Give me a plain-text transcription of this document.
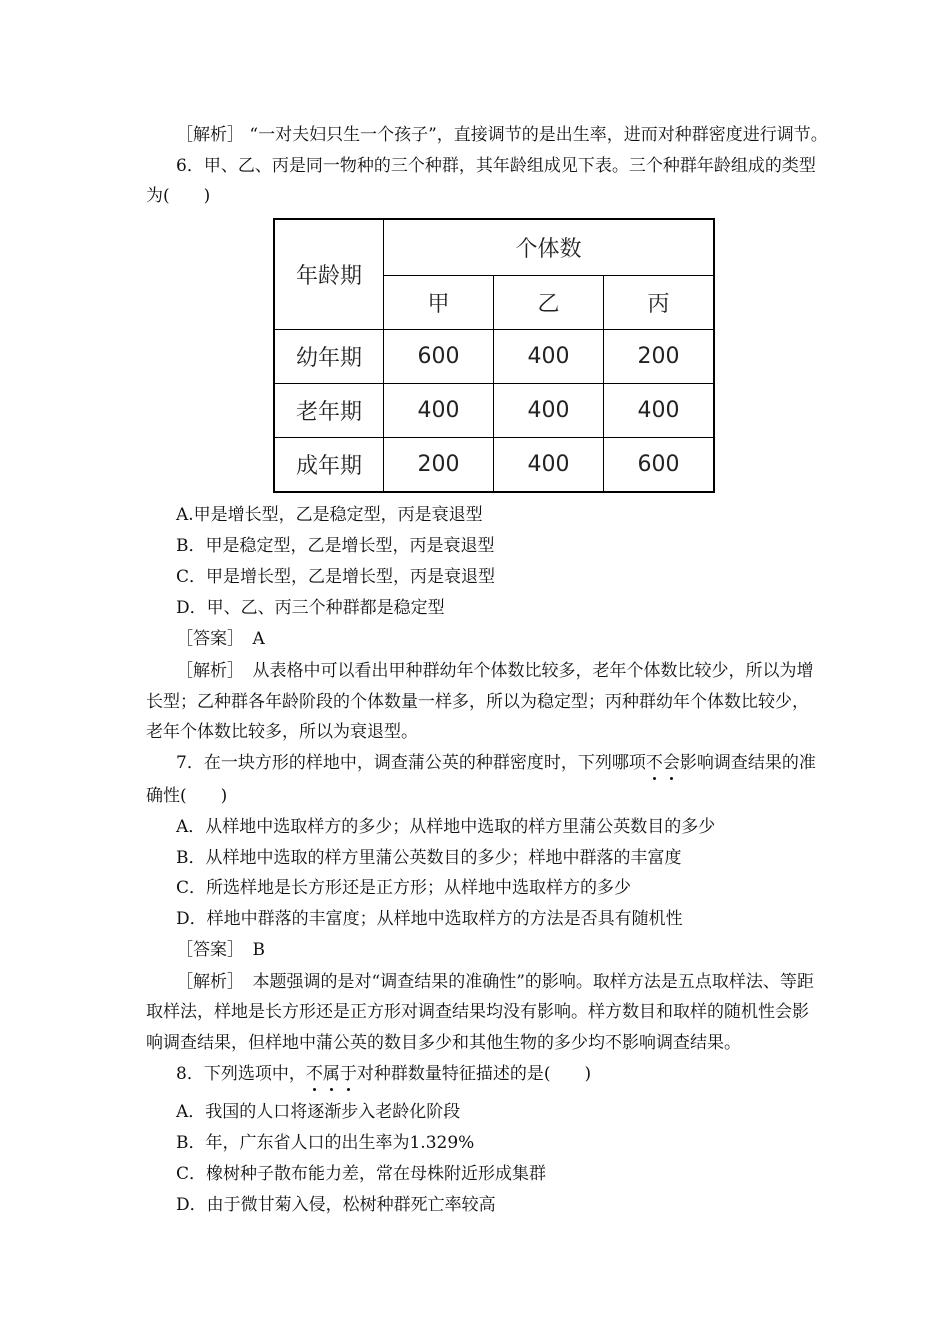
［解析］ “一对夫妇只生一个孩子”，直接调节的是出生率，进而对种群密度进行调节。
6．甲、乙、丙是同一物种的三个种群，其年龄组成见下表。三个种群年龄组成的类型
为(　　)
年龄期	个体数		
	甲	乙	丙
幼年期	600	400	200
老年期	400	400	400
成年期	200	400	600
A.甲是增长型，乙是稳定型，丙是衰退型
B．甲是稳定型，乙是增长型，丙是衰退型
C．甲是增长型，乙是增长型，丙是衰退型
D．甲、乙、丙三个种群都是稳定型
［答案］　A
［解析］　从表格中可以看出甲种群幼年个体数比较多，老年个体数比较少，所以为增
长型；乙种群各年龄阶段的个体数量一样多，所以为稳定型；丙种群幼年个体数比较少，
老年个体数比较多，所以为衰退型。
7．在一块方形的样地中，调查蒲公英的种群密度时，下列哪项不会影响调查结果的准
确性(　　)
A．从样地中选取样方的多少；从样地中选取的样方里蒲公英数目的多少
B．从样地中选取的样方里蒲公英数目的多少；样地中群落的丰富度
C．所选样地是长方形还是正方形；从样地中选取样方的多少
D．样地中群落的丰富度；从样地中选取样方的方法是否具有随机性
［答案］　B
［解析］　本题强调的是对“调查结果的准确性”的影响。取样方法是五点取样法、等距
取样法，样地是长方形还是正方形对调查结果均没有影响。样方数目和取样的随机性会影
响调查结果，但样地中蒲公英的数目多少和其他生物的多少均不影响调查结果。
8．下列选项中，不属于对种群数量特征描述的是(　　)
A．我国的人口将逐渐步入老龄化阶段
B．年，广东省人口的出生率为1.329%
C．橡树种子散布能力差，常在母株附近形成集群
D．由于微甘菊入侵，松树种群死亡率较高
